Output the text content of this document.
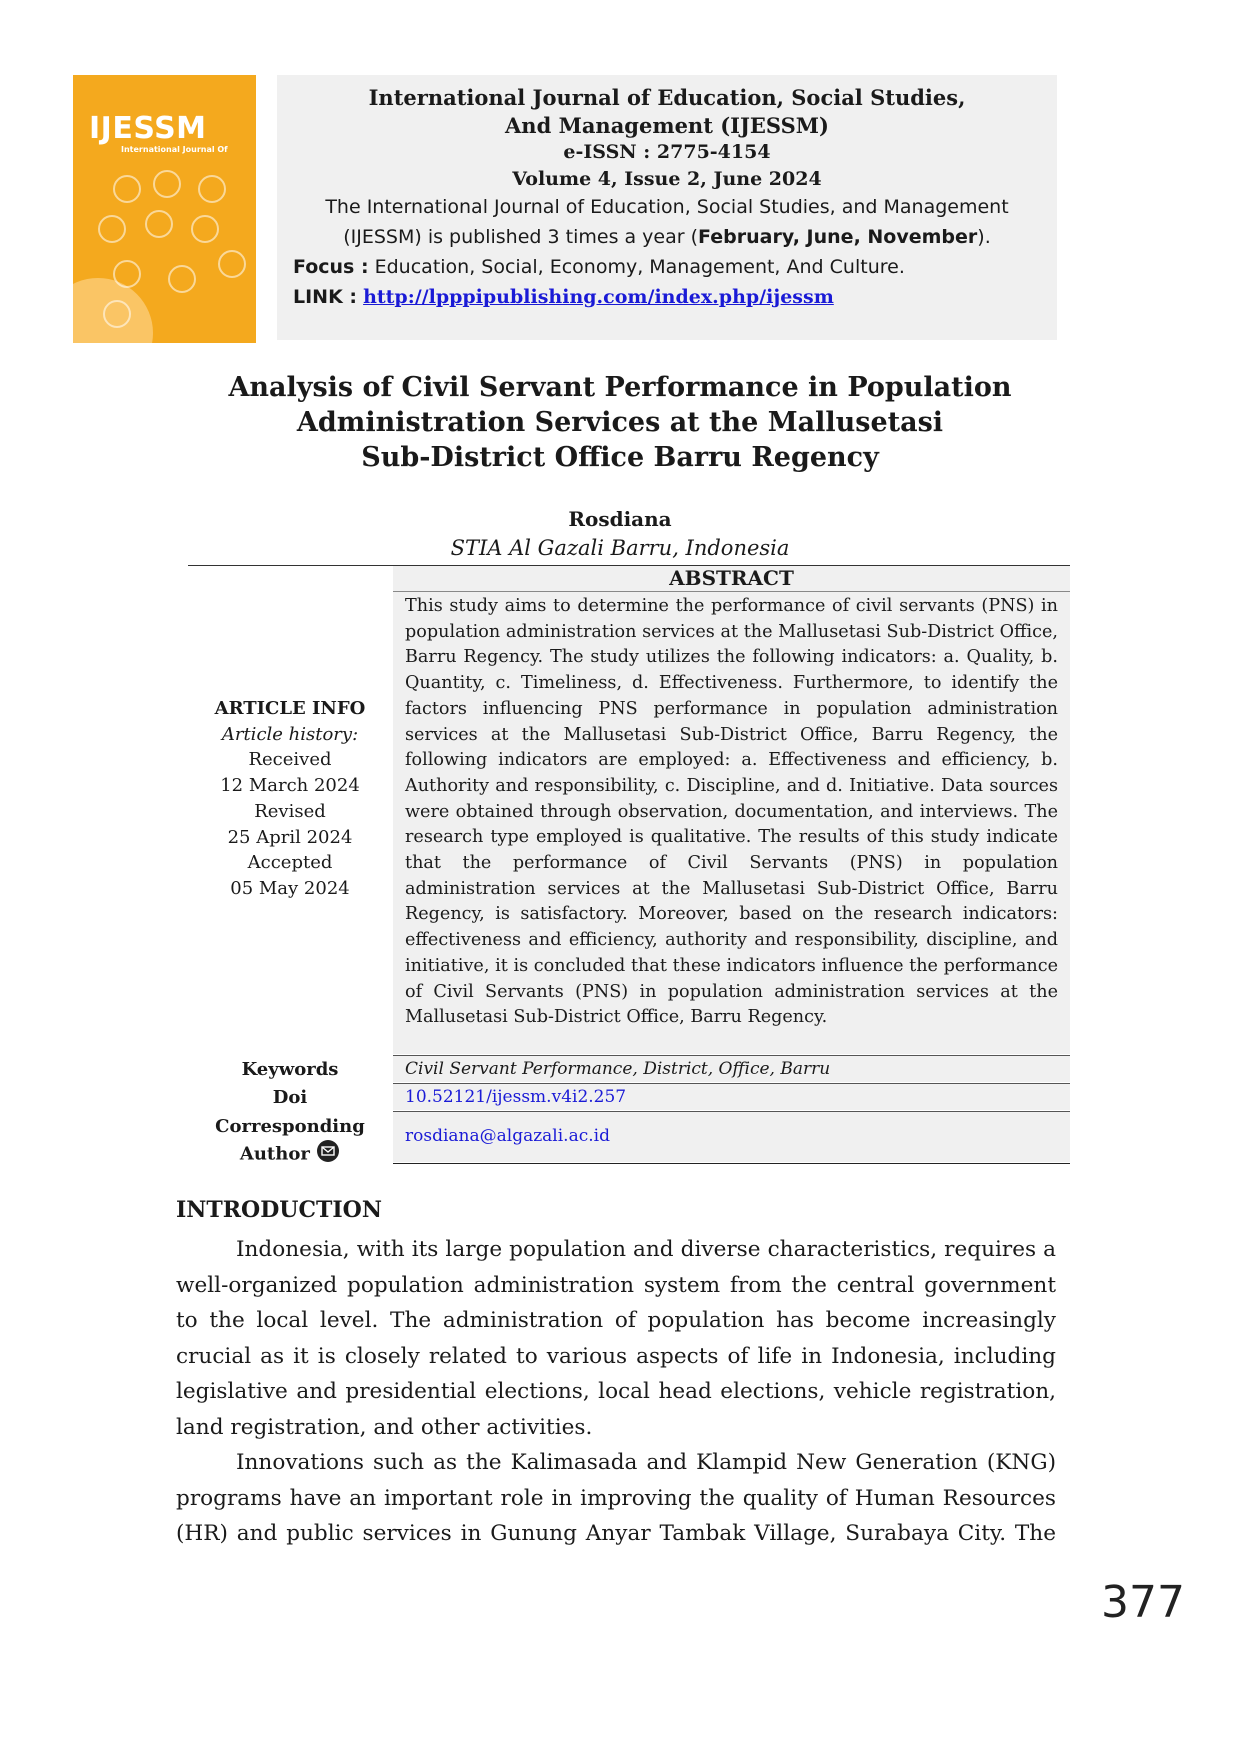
IJESSM
International Journal Of
International Journal of Education, Social Studies,
And Management (IJESSM)
e-ISSN : 2775-4154
Volume 4, Issue 2, June 2024
The International Journal of Education, Social Studies, and Management
(IJESSM) is published 3 times a year (February, June, November).
Focus : Education, Social, Economy, Management, And Culture.
LINK : http://lpppipublishing.com/index.php/ijessm
Analysis of Civil Servant Performance in Population
Administration Services at the Mallusetasi
Sub-District Office Barru Regency
Rosdiana
STIA Al Gazali Barru, Indonesia
ARTICLE INFO
Article history:
Received
12 March 2024
Revised
25 April 2024
Accepted
05 May 2024
ABSTRACT
This study aims to determine the performance of civil servants (PNS) in population administration services at the Mallusetasi Sub-District Office, Barru Regency. The study utilizes the following indicators: a. Quality, b. Quantity, c. Timeliness, d. Effectiveness. Furthermore, to identify the factors influencing PNS performance in population administration services at the Mallusetasi Sub-District Office, Barru Regency, the following indicators are employed: a. Effectiveness and efficiency, b. Authority and responsibility, c. Discipline, and d. Initiative. Data sources were obtained through observation, documentation, and interviews. The research type employed is qualitative. The results of this study indicate that the performance of Civil Servants (PNS) in population administration services at the Mallusetasi Sub-District Office, Barru Regency, is satisfactory. Moreover, based on the research indicators: effectiveness and efficiency, authority and responsibility, discipline, and initiative, it is concluded that these indicators influence the performance of Civil Servants (PNS) in population administration services at the Mallusetasi Sub-District Office, Barru Regency.
Keywords	Civil Servant Performance, District, Office, Barru
Doi	10.52121/ijessm.v4i2.257
Corresponding
Author
rosdiana@algazali.ac.id
INTRODUCTION
Indonesia, with its large population and diverse characteristics, requires a well-organized population administration system from the central government to the local level. The administration of population has become increasingly crucial as it is closely related to various aspects of life in Indonesia, including legislative and presidential elections, local head elections, vehicle registration, land registration, and other activities.
Innovations such as the Kalimasada and Klampid New Generation (KNG) programs have an important role in improving the quality of Human Resources (HR) and public services in Gunung Anyar Tambak Village, Surabaya City. The
377
